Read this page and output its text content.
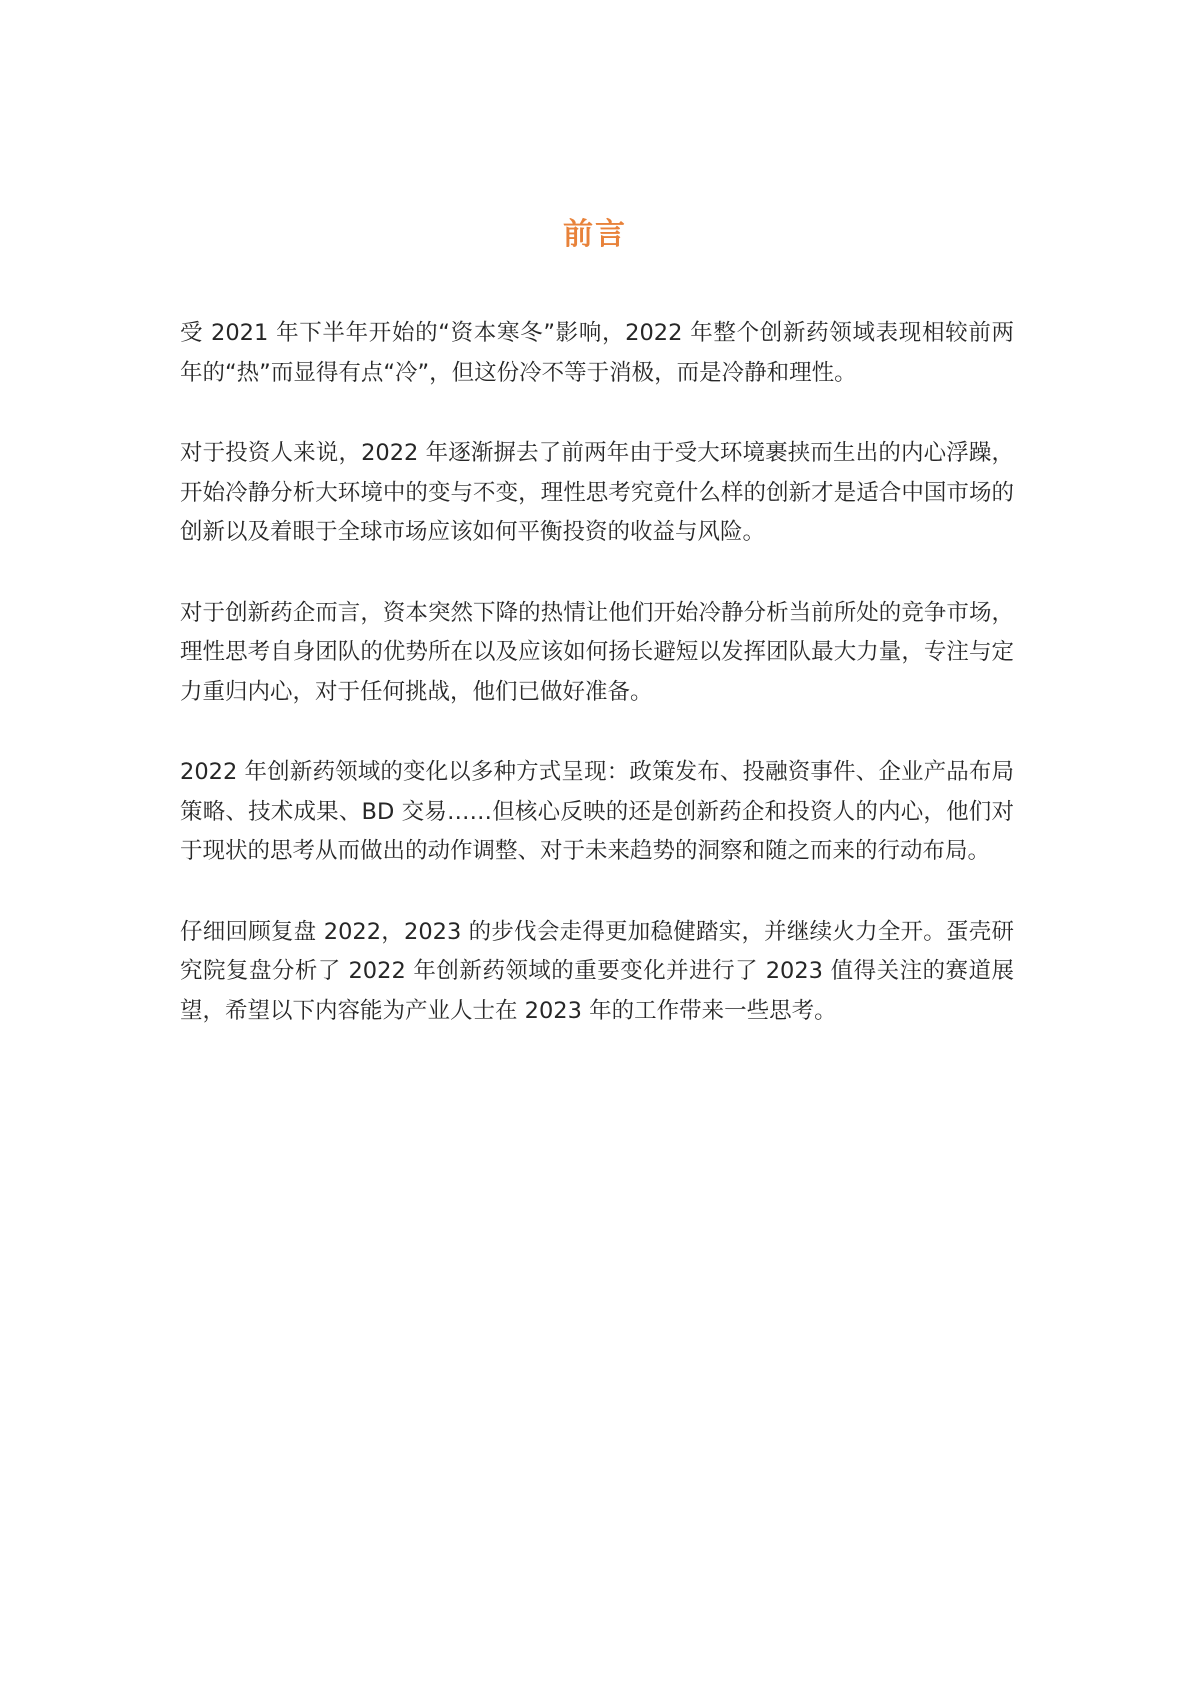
前言

受 2021 年下半年开始的“资本寒冬”影响，2022 年整个创新药领域表现相较前两年的“热”而显得有点“冷”，但这份冷不等于消极，而是冷静和理性。

对于投资人来说，2022 年逐渐摒去了前两年由于受大环境裹挟而生出的内心浮躁，开始冷静分析大环境中的变与不变，理性思考究竟什么样的创新才是适合中国市场的创新以及着眼于全球市场应该如何平衡投资的收益与风险。

对于创新药企而言，资本突然下降的热情让他们开始冷静分析当前所处的竞争市场，理性思考自身团队的优势所在以及应该如何扬长避短以发挥团队最大力量，专注与定力重归内心，对于任何挑战，他们已做好准备。

2022 年创新药领域的变化以多种方式呈现：政策发布、投融资事件、企业产品布局策略、技术成果、BD 交易……但核心反映的还是创新药企和投资人的内心，他们对于现状的思考从而做出的动作调整、对于未来趋势的洞察和随之而来的行动布局。

仔细回顾复盘 2022，2023 的步伐会走得更加稳健踏实，并继续火力全开。蛋壳研究院复盘分析了 2022 年创新药领域的重要变化并进行了 2023 值得关注的赛道展望，希望以下内容能为产业人士在 2023 年的工作带来一些思考。
